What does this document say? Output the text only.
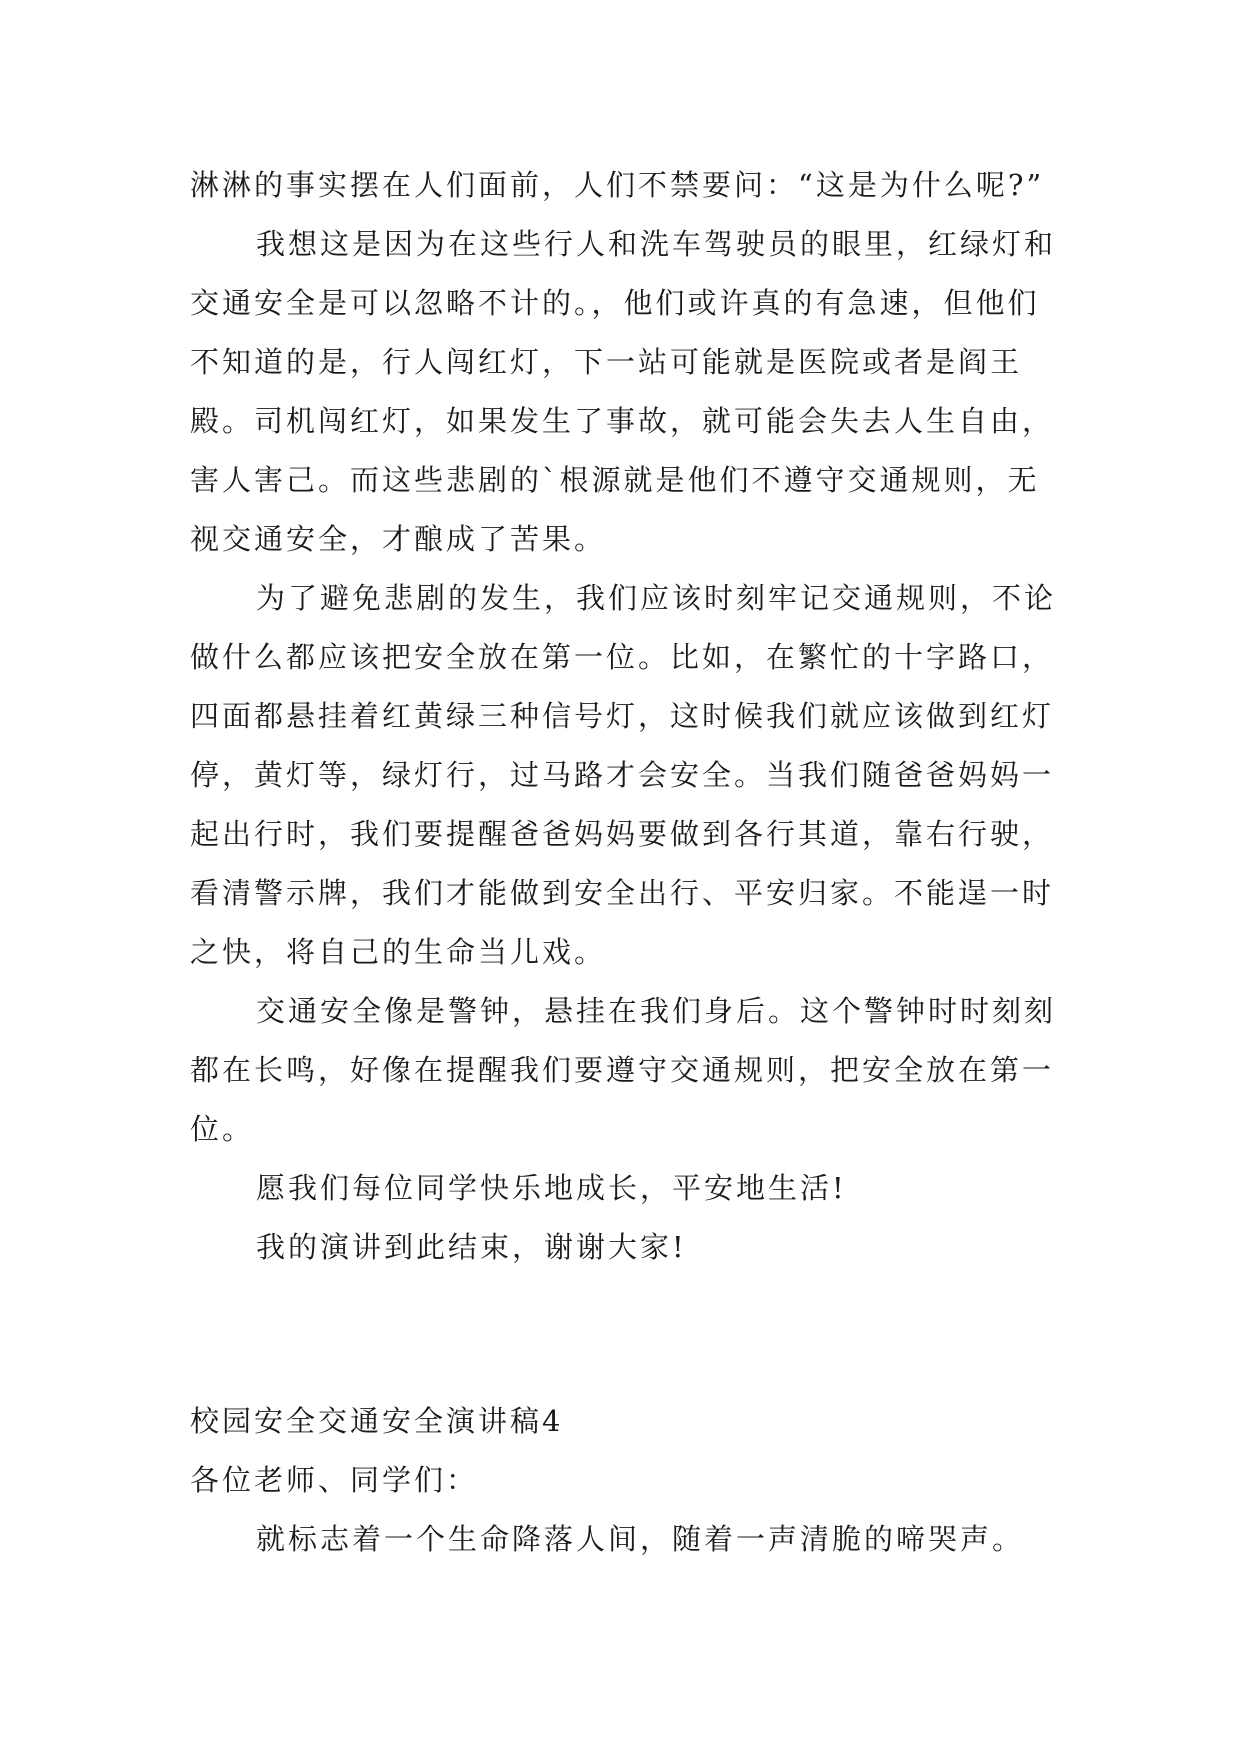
淋淋的事实摆在人们面前，人们不禁要问：“这是为什么呢?”

我想这是因为在这些行人和洗车驾驶员的眼里，红绿灯和交通安全是可以忽略不计的。，他们或许真的有急速，但他们不知道的是，行人闯红灯，下一站可能就是医院或者是阎王殿。司机闯红灯，如果发生了事故，就可能会失去人生自由，害人害己。而这些悲剧的`根源就是他们不遵守交通规则，无视交通安全，才酿成了苦果。

为了避免悲剧的发生，我们应该时刻牢记交通规则，不论做什么都应该把安全放在第一位。比如，在繁忙的十字路口，四面都悬挂着红黄绿三种信号灯，这时候我们就应该做到红灯停，黄灯等，绿灯行，过马路才会安全。当我们随爸爸妈妈一起出行时，我们要提醒爸爸妈妈要做到各行其道，靠右行驶，看清警示牌，我们才能做到安全出行、平安归家。不能逞一时之快，将自己的生命当儿戏。

交通安全像是警钟，悬挂在我们身后。这个警钟时时刻刻都在长鸣，好像在提醒我们要遵守交通规则，把安全放在第一位。

愿我们每位同学快乐地成长，平安地生活!

我的演讲到此结束，谢谢大家!

校园安全交通安全演讲稿4

各位老师、同学们：

就标志着一个生命降落人间，随着一声清脆的啼哭声。
